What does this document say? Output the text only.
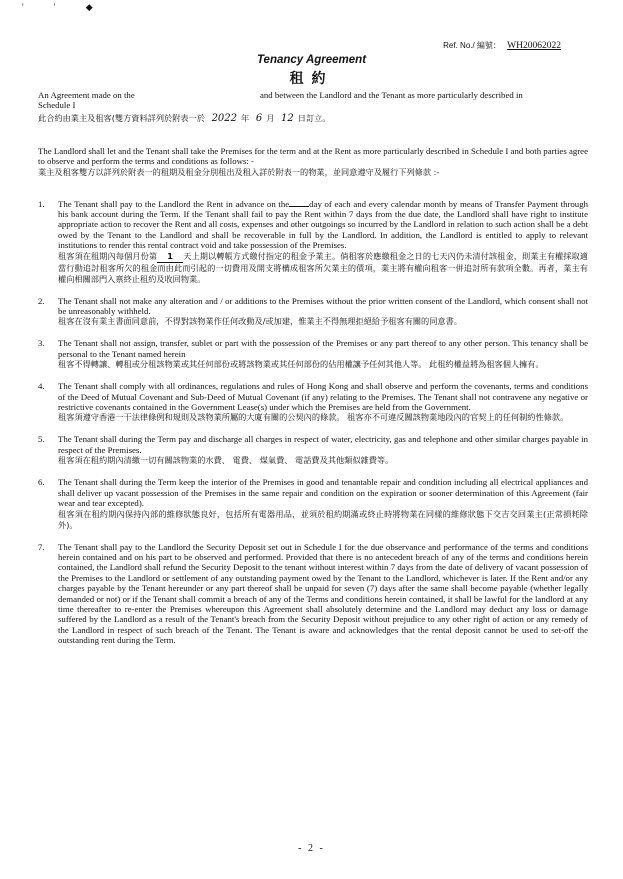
' ' ◆
Ref. No./ 編號： WH20062022
Tenancy Agreement
租約
An Agreement made on the	and between the Landlord and the Tenant as more particularly described in
Schedule I
此合約由業主及租客(雙方資料詳列於附表一於 2022 年 6 月 12 日訂立。
The Landlord shall let and the Tenant shall take the Premises for the term and at the Rent as more particularly described in Schedule I and both parties agree to observe and perform the terms and conditions as follows: -
業主及租客雙方以詳列於附表一的租期及租金分別租出及租入詳於附表一的物業，並同意遵守及履行下列條款 :-
1. The Tenant shall pay to the Landlord the Rent in advance on the day of each and every calendar month by means of Transfer Payment through his bank account during the Term. If the Tenant shall fail to pay the Rent within 7 days from the due date, the Landlord shall have right to institute appropriate action to recover the Rent and all costs, expenses and other outgoings so incurred by the Landlord in relation to such action shall be a debt owed by the Tenant to the Landlord and shall be recoverable in full by the Landlord. In addition, the Landlord is entitled to apply to relevant institutions to render this rental contract void and take possession of the Premises.
租客須在租期內每個月份第 1 天上期以轉帳方式繳付指定的租金予業主。倘租客於應繳租金之日的七天內仍未清付該租金，則業主有權採取適當行動追討租客所欠的租金而由此而引起的一切費用及開支將構成租客所欠業主的債項，業主將有權向租客一併追討所有款項全數。再者，業主有權向相關部門入禀終止租約及收回物業。
2. The Tenant shall not make any alteration and / or additions to the Premises without the prior written consent of the Landlord, which consent shall not be unreasonably withheld.
租客在沒有業主書面同意前，不得對該物業作任何改動及/或加建，惟業主不得無理拒絕給予租客有關的同意書。
3. The Tenant shall not assign, transfer, sublet or part with the possession of the Premises or any part thereof to any other person. This tenancy shall be personal to the Tenant named herein
租客不得轉讓、轉租或分租該物業或其任何部份或將該物業或其任何部份的佔用權讓予任何其他人等。 此租約權益將為租客個人擁有。
4. The Tenant shall comply with all ordinances, regulations and rules of Hong Kong and shall observe and perform the covenants, terms and conditions of the Deed of Mutual Covenant and Sub-Deed of Mutual Covenant (if any) relating to the Premises. The Tenant shall not contravene any negative or restrictive covenants contained in the Government Lease(s) under which the Premises are held from the Government.
租客須遵守香港一干法律條例和規則及該物業所屬的大廈有關的公契內的條款。 租客亦不可違反關該物業地段內的官契上的任何制約性條款。
5. The Tenant shall during the Term pay and discharge all charges in respect of water, electricity, gas and telephone and other similar charges payable in respect of the Premises.
租客須在租約期內清繳一切有關該物業的水費、 電費、 煤氣費、 電話費及其他類似雜費等。
6. The Tenant shall during the Term keep the interior of the Premises in good and tenantable repair and condition including all electrical appliances and shall deliver up vacant possession of the Premises in the same repair and condition on the expiration or sooner determination of this Agreement (fair wear and tear excepted).
租客須在租約期內保持內部的維修狀態良好，包括所有電器用品，並須於租約期滿或終止時將物業在同樣的維修狀態下交吉交回業主(正常損耗除外)。
7. The Tenant shall pay to the Landlord the Security Deposit set out in Schedule I for the due observance and performance of the terms and conditions herein contained and on his part to be observed and performed. Provided that there is no antecedent breach of any of the terms and conditions herein contained, the Landlord shall refund the Security Deposit to the tenant without interest within 7 days from the date of delivery of vacant possession of the Premises to the Landlord or settlement of any outstanding payment owed by the Tenant to the Landlord, whichever is later. If the Rent and/or any charges payable by the Tenant hereunder or any part thereof shall be unpaid for seven (7) days after the same shall become payable (whether legally demanded or not) or if the Tenant shall commit a breach of any of the Terms and conditions herein contained, it shall be lawful for the landlord at any time thereafter to re-enter the Premises whereupon this Agreement shall absolutely determine and the Landlord may deduct any loss or damage suffered by the Landlord as a result of the Tenant's breach from the Security Deposit without prejudice to any other right of action or any remedy of the Landlord in respect of such breach of the Tenant. The Tenant is aware and acknowledges that the rental deposit cannot be used to set-off the outstanding rent during the Term.
- 2 -
